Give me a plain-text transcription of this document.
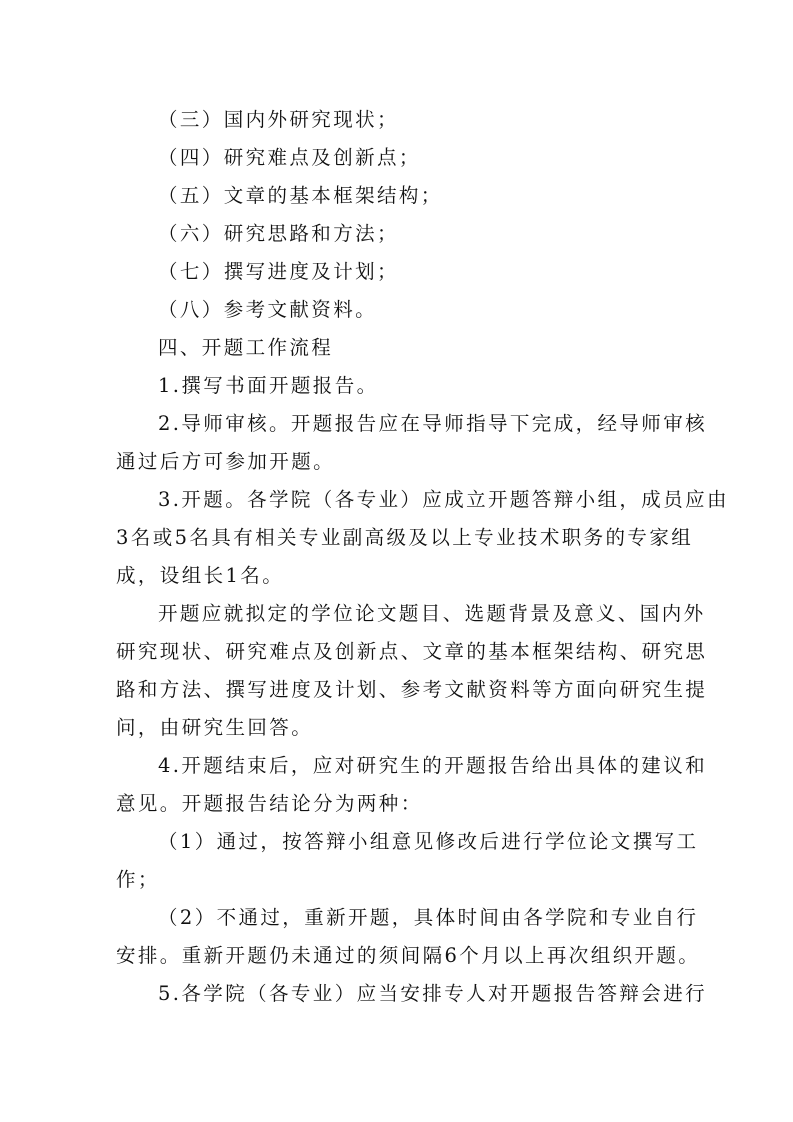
（三）国内外研究现状；
（四）研究难点及创新点；
（五）文章的基本框架结构；
（六）研究思路和方法；
（七）撰写进度及计划；
（八）参考文献资料。
四、开题工作流程
1.撰写书面开题报告。
2.导师审核。开题报告应在导师指导下完成，经导师审核
通过后方可参加开题。
3.开题。各学院（各专业）应成立开题答辩小组，成员应由
3名或5名具有相关专业副高级及以上专业技术职务的专家组
成，设组长1名。
开题应就拟定的学位论文题目、选题背景及意义、国内外
研究现状、研究难点及创新点、文章的基本框架结构、研究思
路和方法、撰写进度及计划、参考文献资料等方面向研究生提
问，由研究生回答。
4.开题结束后，应对研究生的开题报告给出具体的建议和
意见。开题报告结论分为两种：
（1）通过，按答辩小组意见修改后进行学位论文撰写工
作；
（2）不通过，重新开题，具体时间由各学院和专业自行
安排。重新开题仍未通过的须间隔6个月以上再次组织开题。
5.各学院（各专业）应当安排专人对开题报告答辩会进行
